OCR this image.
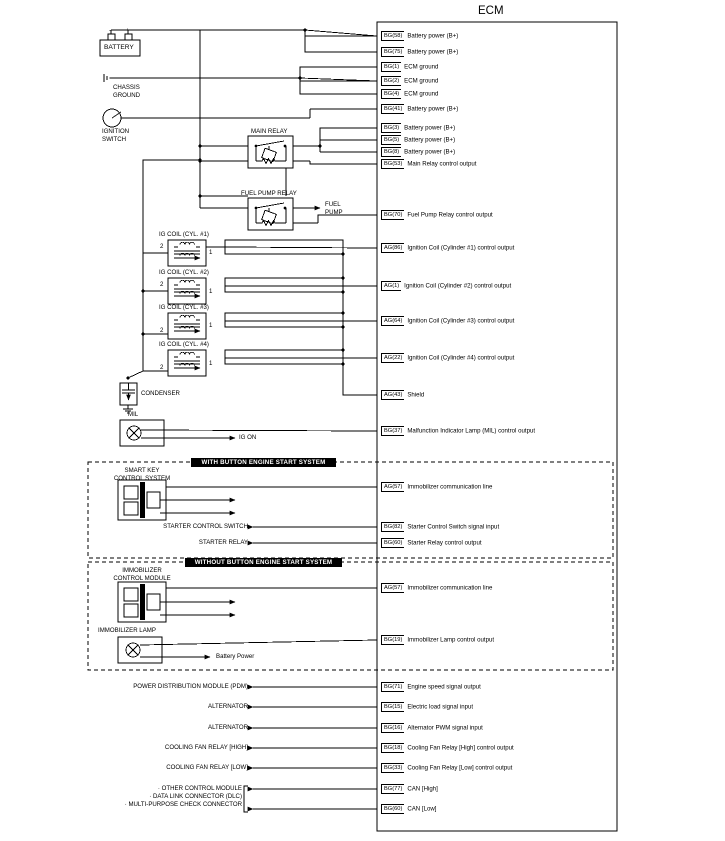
ECM
BG(58) Battery power (B+)
BG(75) Battery power (B+)
BG(1) ECM ground
BG(2) ECM ground
BG(4) ECM ground
BG(41) Battery power (B+)
BG(3) Battery power (B+)
BG(5) Battery power (B+)
BG(8) Battery power (B+)
BG(53) Main Relay control output
BG(70) Fuel Pump Relay control output
AG(86) Ignition Coil (Cylinder #1) control output
AG(1) Ignition Coil (Cylinder #2) control output
AG(64) Ignition Coil (Cylinder #3) control output
AG(22) Ignition Coil (Cylinder #4) control output
AG(43) Shield
BG(37) Malfunction Indicator Lamp (MIL) control output
AG(57) Immobilizer communication line
BG(82) Starter Control Switch signal input
BG(60) Starter Relay control output
AG(57) Immobilizer communication line
BG(19) Immobilizer Lamp control output
BG(71) Engine speed signal output
BG(15) Electric load signal input
BG(16) Alternator PWM signal input
BG(18) Cooling Fan Relay [High] control output
BG(33) Cooling Fan Relay [Low] control output
BG(77) CAN [High]
BG(60) CAN [Low]
BATTERY
- +
CHASSIS
GROUND
IGNITION
SWITCH
MAIN RELAY
FUEL PUMP RELAY
FUEL
PUMP
CONDENSER
MIL
IG ON
IG COIL (CYL. #1)
IG COIL (CYL. #2)
IG COIL (CYL. #3)
IG COIL (CYL. #4)
1
2
1
2
1
2
1
2
WITH BUTTON ENGINE START SYSTEM
SMART KEY
CONTROL SYSTEM
STARTER CONTROL SWITCH
STARTER RELAY
WITHOUT BUTTON ENGINE START SYSTEM
IMMOBILIZER
CONTROL MODULE
IMMOBILIZER LAMP
Battery Power
POWER DISTRIBUTION MODULE (PDM)
ALTERNATOR
ALTERNATOR
COOLING FAN RELAY [HIGH]
COOLING FAN RELAY [LOW]
· OTHER CONTROL MODULE
· DATA LINK CONNECTOR (DLC)
· MULTI-PURPOSE CHECK CONNECTOR
